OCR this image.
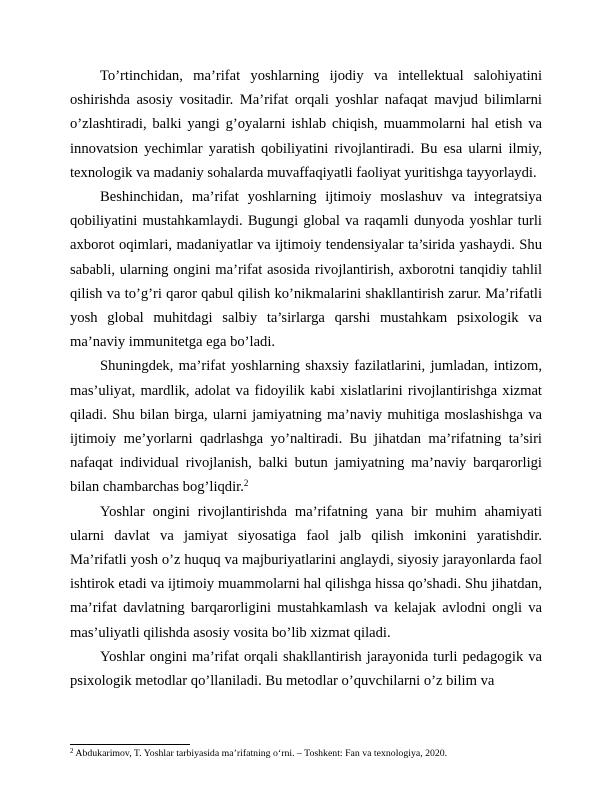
To’rtinchidan, ma’rifat yoshlarning ijodiy va intellektual salohiyatini oshirishda asosiy vositadir. Ma’rifat orqali yoshlar nafaqat mavjud bilimlarni o’zlashtiradi, balki yangi g’oyalarni ishlab chiqish, muammolarni hal etish va innovatsion yechimlar yaratish qobiliyatini rivojlantiradi. Bu esa ularni ilmiy, texnologik va madaniy sohalarda muvaffaqiyatli faoliyat yuritishga tayyorlaydi.

Beshinchidan, ma’rifat yoshlarning ijtimoiy moslashuv va integratsiya qobiliyatini mustahkamlaydi. Bugungi global va raqamli dunyoda yoshlar turli axborot oqimlari, madaniyatlar va ijtimoiy tendensiyalar ta’sirida yashaydi. Shu sababli, ularning ongini ma’rifat asosida rivojlantirish, axborotni tanqidiy tahlil qilish va to’g’ri qaror qabul qilish ko’nikmalarini shakllantirish zarur. Ma’rifatli yosh global muhitdagi salbiy ta’sirlarga qarshi mustahkam psixologik va ma’naviy immunitetga ega bo’ladi.

Shuningdek, ma’rifat yoshlarning shaxsiy fazilatlarini, jumladan, intizom, mas’uliyat, mardlik, adolat va fidoyilik kabi xislatlarini rivojlantirishga xizmat qiladi. Shu bilan birga, ularni jamiyatning ma’naviy muhitiga moslashishga va ijtimoiy me’yorlarni qadrlashga yo’naltiradi. Bu jihatdan ma’rifatning ta’siri nafaqat individual rivojlanish, balki butun jamiyatning ma’naviy barqarorligi bilan chambarchas bog’liqdir.$^2$

Yoshlar ongini rivojlantirishda ma’rifatning yana bir muhim ahamiyati ularni davlat va jamiyat siyosatiga faol jalb qilish imkonini yaratishdir. Ma’rifatli yosh o’z huquq va majburiyatlarini anglaydi, siyosiy jarayonlarda faol ishtirok etadi va ijtimoiy muammolarni hal qilishga hissa qo’shadi. Shu jihatdan, ma’rifat davlatning barqarorligini mustahkamlash va kelajak avlodni ongli va mas’uliyatli qilishda asosiy vosita bo’lib xizmat qiladi.

Yoshlar ongini ma’rifat orqali shakllantirish jarayonida turli pedagogik va psixologik metodlar qo’llaniladi. Bu metodlar o’quvchilarni o’z bilim va

$^2$ Abdukarimov, T. Yoshlar tarbiyasida ma’rifatning o‘rni. – Toshkent: Fan va texnologiya, 2020.
